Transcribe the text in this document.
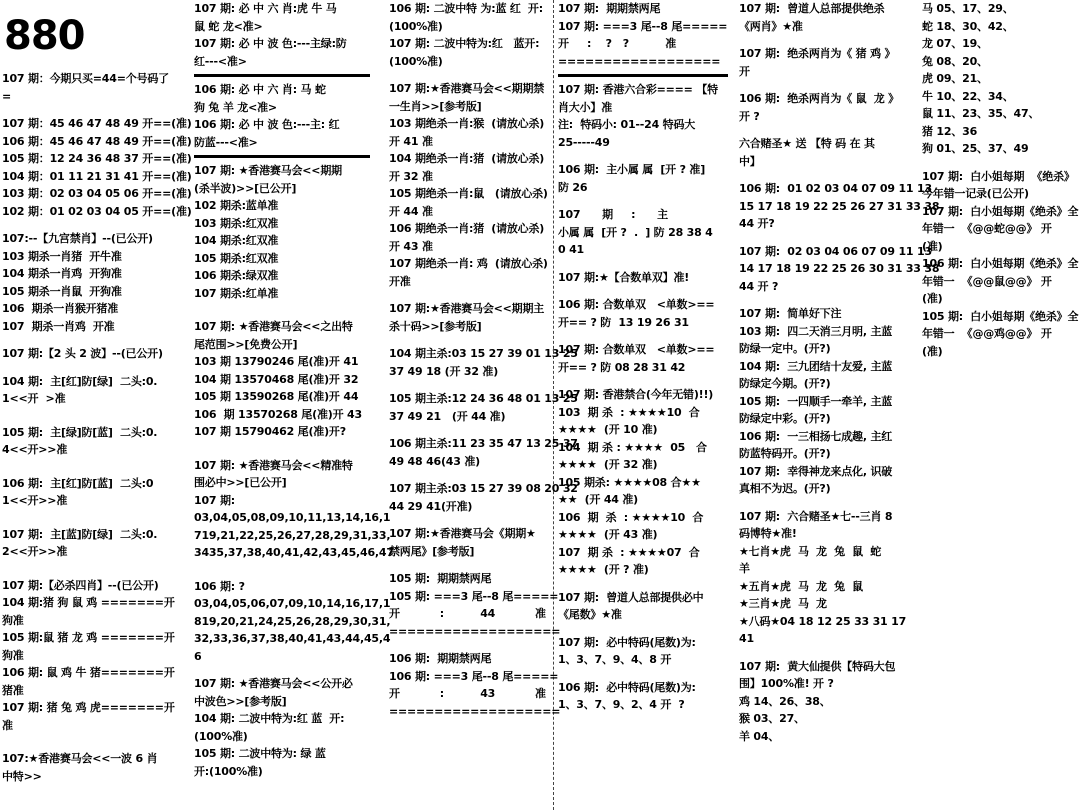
880
107 期：今期只买=44=个号码了
=
107 期：45 46 47 48 49 开==(准)
106 期：45 46 47 48 49 开==(准)
105 期：12 24 36 48 37 开==(准)
104 期：01 11 21 31 41 开==(准)
103 期：02 03 04 05 06 开==(准)
102 期：01 02 03 04 05 开==(准)
107:--【九宫禁肖】--(已公开)
103 期杀一肖猪  开牛准
104 期杀一肖鸡  开狗准
105 期杀一肖鼠  开狗准
106  期杀一肖猴开猪准
107  期杀一肖鸡  开准
107 期:【2 头 2 波】--(已公开)
104 期:  主[红]防[绿]  二头:0.
1<<开  >准
105 期:  主[绿]防[蓝]  二头:0.
4<<开>>准
106 期:  主[红]防[蓝]  二头:0
1<<开>>准
107 期:  主[蓝]防[绿]  二头:0.
2<<开>>准
107 期:【必杀四肖】--(已公开)
104 期:猪 狗 鼠 鸡 =======开
狗准
105 期:鼠 猪 龙 鸡 =======开
狗准
106 期: 鼠 鸡 牛 猪=======开
猪准
107 期: 猪 兔 鸡 虎=======开
准
107:★香港赛马会<<一波 6 肖
中特>>
107 期: 必 中 六 肖:虎 牛 马
鼠 蛇 龙<准>
107 期: 必 中 波 色:---主绿:防
红---<准>
106 期: 必 中 六 肖: 马 蛇
狗 兔 羊 龙<准>
106 期: 必 中 波 色:---主: 红
防蓝---<准>
107 期: ★香港赛马会<<期期
(杀半波)>>[已公开]
102 期杀:蓝单准
103 期杀:红双准
104 期杀:红双准
105 期杀:红双准
106 期杀:绿双准
107 期杀:红单准
107 期: ★香港赛马会<<之出特
尾范围>>[免费公开]
103 期 13790246 尾(准)开 41
104 期 13570468 尾(准)开 32
105 期 13590268 尾(准)开 44
106  期 13570268 尾(准)开 43
107 期 15790462 尾(准)开?
107 期: ★香港赛马会<<精准特
围必中>>[已公开]
107 期:
03,04,05,08,09,10,11,13,14,16,1
719,21,22,25,26,27,28,29,31,33,
3435,37,38,40,41,42,43,45,46,47
106 期: ?
03,04,05,06,07,09,10,14,16,17,1
819,20,21,24,25,26,28,29,30,31,
32,33,36,37,38,40,41,43,44,45,4
6
107 期: ★香港赛马会<<公开必
中波色>>[参考版]
104 期: 二波中特为:红 蓝  开:
(100%准)
105 期: 二波中特为: 绿 蓝
开:(100%准)
106 期: 二波中特 为:蓝 红  开:
(100%准)
107 期: 二波中特为:红   蓝开:
(100%准)
107 期:★香港赛马会<<期期禁
一生肖>>[参考版]
103 期绝杀一肖:猴  (请放心杀)
开 41 准
104 期绝杀一肖:猪  (请放心杀)
开 32 准
105 期绝杀一肖:鼠   (请放心杀)
开 44 准
106 期绝杀一肖:猪  (请放心杀)
开 43 准
107 期绝杀一肖: 鸡  (请放心杀)
开准
107 期:★香港赛马会<<期期主
杀十码>>[参考版]
104 期主杀:03 15 27 39 01 13 25
37 49 18 (开 32 准)
105 期主杀:12 24 36 48 01 13 25
37 49 21   (开 44 准)
106 期主杀:11 23 35 47 13 25 37
49 48 46(43 准)
107 期主杀:03 15 27 39 08 20 32
44 29 41(开准)
107 期:★香港赛马会《期期★
禁两尾》[参考版]
105 期:  期期禁两尾
105 期: ===3 尾--8 尾=====
开           :          44           准
===================
106 期:  期期禁两尾
106 期: ===3 尾--8 尾=====
开           :          43           准
===================
107 期:  期期禁两尾
107 期: ===3 尾--8 尾=====
开     :    ?   ?          准
==================
107 期: 香港六合彩==== 【特
肖大小】准
注:  特码小: 01--24 特码大
25-----49
106 期:  主小属 属  [开 ? 准]
防 26
107      期     :      主
小属 属  [开 ?  .  ] 防 28 38 4
0 41
107 期:★【合数单双】准!
106 期: 合数单双   <单数>==
开== ? 防  13 19 26 31
107 期: 合数单双   <单数>==
开== ? 防 08 28 31 42
107 期: 香港禁合(今年无错)!!)
103  期 杀  : ★★★★10  合
★★★★  (开 10 准)
104  期 杀 : ★★★★  05   合
★★★★  (开 32 准)
105 期杀: ★★★★08 合★★
★★  (开 44 准)
106  期  杀  : ★★★★10  合
★★★★  (开 43 准)
107  期 杀  : ★★★★07  合
★★★★  (开 ? 准)
107 期:  曾道人总部提供必中
《尾数》★准
107 期:  必中特码(尾数)为:
1、3、7、9、4、8 开
106 期:  必中特码(尾数)为:
1、3、7、9、2、4 开  ?
107 期:  曾道人总部提供绝杀
《两肖》★准
107 期:  绝杀两肖为《 猪 鸡 》
开
106 期:  绝杀两肖为《 鼠  龙 》
开 ?
六合赌圣★ 送 【特 码 在 其
中】
106 期:  01 02 03 04 07 09 11 13
15 17 18 19 22 25 26 27 31 33 38
44 开?
107 期:  02 03 04 06 07 09 11 13
14 17 18 19 22 25 26 30 31 33 38
44 开 ?
107 期:  简单好下注
103 期:  四二天消三月明, 主蓝
防绿一定中。(开?)
104 期:  三九团结十友爱, 主蓝
防绿定今期。(开?)
105 期:  一四顺手一牵羊, 主蓝
防绿定中彩。(开?)
106 期:  一三相扬七成趣, 主红
防蓝特码开。(开?)
107 期:  幸得神龙来点化, 识破
真相不为迟。(开?)
107 期:  六合赌圣★七--三肖 8
码博特★准!
★七肖★虎  马  龙  兔  鼠  蛇
羊
★五肖★虎  马  龙  兔  鼠
★三肖★虎  马  龙
★八码★04 18 12 25 33 31 17
41
107 期:  黄大仙提供【特码大包
围】100%准! 开 ?
鸡 14、26、38、
猴 03、27、
羊 04、
马 05、17、29、
蛇 18、30、42、
龙 07、19、
兔 08、20、
虎 09、21、
牛 10、22、34、
鼠 11、23、35、47、
猪 12、36
狗 01、25、37、49
107 期:  白小姐每期  《绝杀》
今年错一记录(已公开)
107 期:  白小姐每期《绝杀》全
年错一  《@@蛇@@》 开
(准)
106 期:  白小姐每期《绝杀》全
年错一  《@@鼠@@》 开
(准)
105 期:  白小姐每期《绝杀》全
年错一  《@@鸡@@》 开
(准)
